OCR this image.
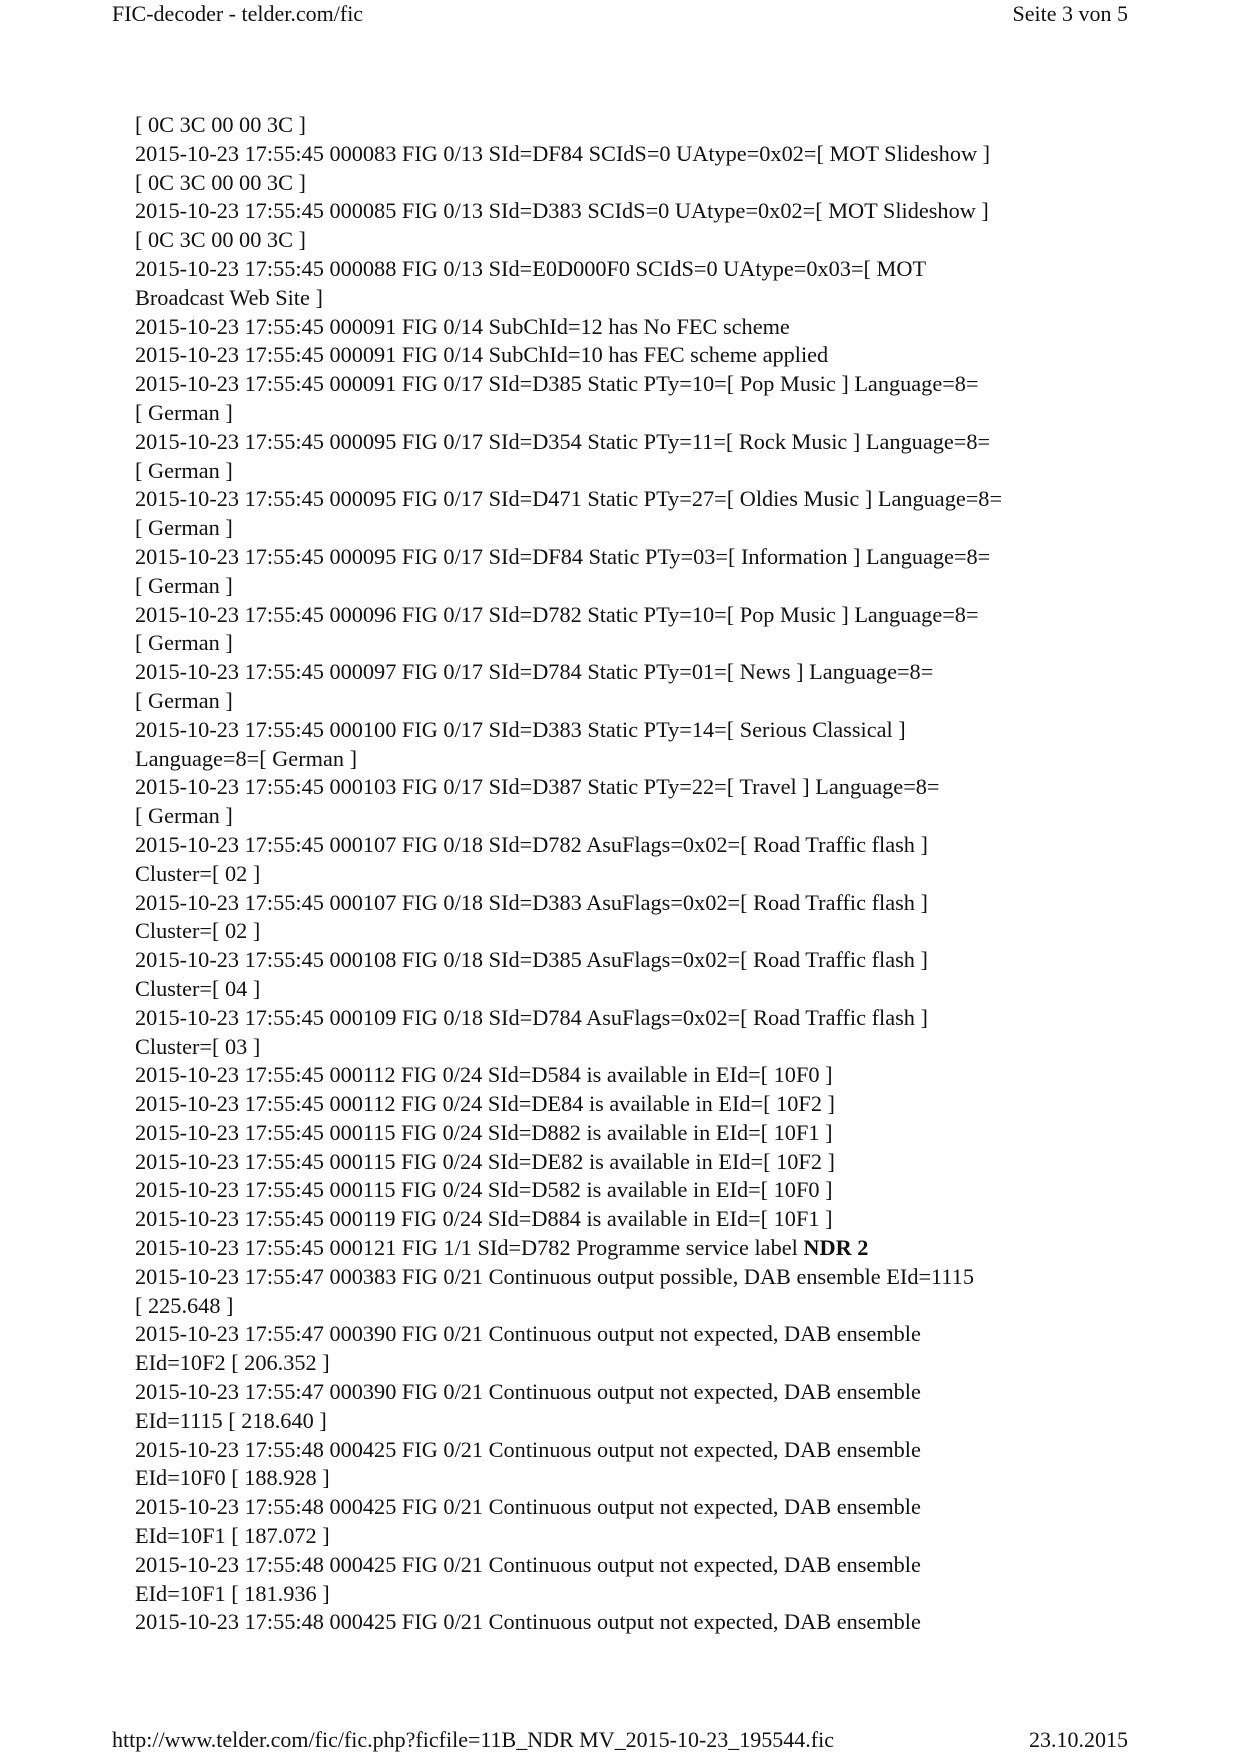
FIC-decoder - telder.com/fic	Seite 3 von 5
[ 0C 3C 00 00 3C ]
2015-10-23 17:55:45 000083 FIG 0/13 SId=DF84 SCIdS=0 UAtype=0x02=[ MOT Slideshow ]
[ 0C 3C 00 00 3C ]
2015-10-23 17:55:45 000085 FIG 0/13 SId=D383 SCIdS=0 UAtype=0x02=[ MOT Slideshow ]
[ 0C 3C 00 00 3C ]
2015-10-23 17:55:45 000088 FIG 0/13 SId=E0D000F0 SCIdS=0 UAtype=0x03=[ MOT
Broadcast Web Site ]
2015-10-23 17:55:45 000091 FIG 0/14 SubChId=12 has No FEC scheme
2015-10-23 17:55:45 000091 FIG 0/14 SubChId=10 has FEC scheme applied
2015-10-23 17:55:45 000091 FIG 0/17 SId=D385 Static PTy=10=[ Pop Music ] Language=8=
[ German ]
2015-10-23 17:55:45 000095 FIG 0/17 SId=D354 Static PTy=11=[ Rock Music ] Language=8=
[ German ]
2015-10-23 17:55:45 000095 FIG 0/17 SId=D471 Static PTy=27=[ Oldies Music ] Language=8=
[ German ]
2015-10-23 17:55:45 000095 FIG 0/17 SId=DF84 Static PTy=03=[ Information ] Language=8=
[ German ]
2015-10-23 17:55:45 000096 FIG 0/17 SId=D782 Static PTy=10=[ Pop Music ] Language=8=
[ German ]
2015-10-23 17:55:45 000097 FIG 0/17 SId=D784 Static PTy=01=[ News ] Language=8=
[ German ]
2015-10-23 17:55:45 000100 FIG 0/17 SId=D383 Static PTy=14=[ Serious Classical ]
Language=8=[ German ]
2015-10-23 17:55:45 000103 FIG 0/17 SId=D387 Static PTy=22=[ Travel ] Language=8=
[ German ]
2015-10-23 17:55:45 000107 FIG 0/18 SId=D782 AsuFlags=0x02=[ Road Traffic flash ]
Cluster=[ 02 ]
2015-10-23 17:55:45 000107 FIG 0/18 SId=D383 AsuFlags=0x02=[ Road Traffic flash ]
Cluster=[ 02 ]
2015-10-23 17:55:45 000108 FIG 0/18 SId=D385 AsuFlags=0x02=[ Road Traffic flash ]
Cluster=[ 04 ]
2015-10-23 17:55:45 000109 FIG 0/18 SId=D784 AsuFlags=0x02=[ Road Traffic flash ]
Cluster=[ 03 ]
2015-10-23 17:55:45 000112 FIG 0/24 SId=D584 is available in EId=[ 10F0 ]
2015-10-23 17:55:45 000112 FIG 0/24 SId=DE84 is available in EId=[ 10F2 ]
2015-10-23 17:55:45 000115 FIG 0/24 SId=D882 is available in EId=[ 10F1 ]
2015-10-23 17:55:45 000115 FIG 0/24 SId=DE82 is available in EId=[ 10F2 ]
2015-10-23 17:55:45 000115 FIG 0/24 SId=D582 is available in EId=[ 10F0 ]
2015-10-23 17:55:45 000119 FIG 0/24 SId=D884 is available in EId=[ 10F1 ]
2015-10-23 17:55:45 000121 FIG 1/1 SId=D782 Programme service label NDR 2
2015-10-23 17:55:47 000383 FIG 0/21 Continuous output possible, DAB ensemble EId=1115
[ 225.648 ]
2015-10-23 17:55:47 000390 FIG 0/21 Continuous output not expected, DAB ensemble
EId=10F2 [ 206.352 ]
2015-10-23 17:55:47 000390 FIG 0/21 Continuous output not expected, DAB ensemble
EId=1115 [ 218.640 ]
2015-10-23 17:55:48 000425 FIG 0/21 Continuous output not expected, DAB ensemble
EId=10F0 [ 188.928 ]
2015-10-23 17:55:48 000425 FIG 0/21 Continuous output not expected, DAB ensemble
EId=10F1 [ 187.072 ]
2015-10-23 17:55:48 000425 FIG 0/21 Continuous output not expected, DAB ensemble
EId=10F1 [ 181.936 ]
2015-10-23 17:55:48 000425 FIG 0/21 Continuous output not expected, DAB ensemble
http://www.telder.com/fic/fic.php?ficfile=11B_NDR MV_2015-10-23_195544.fic	23.10.2015
